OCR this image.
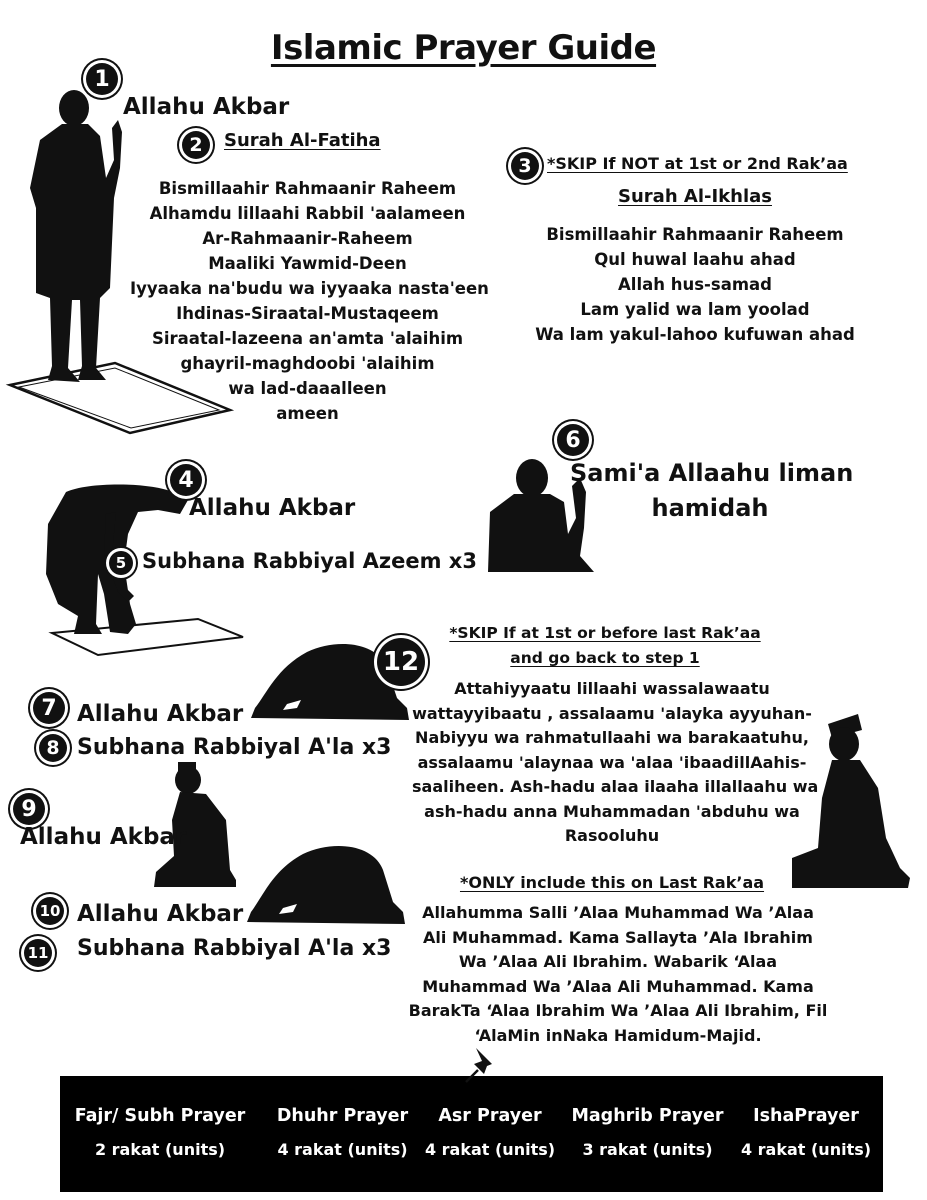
Islamic Prayer Guide
1
Allahu Akbar
2	Surah Al-Fatiha
Bismillaahir Rahmaanir Raheem
Alhamdu lillaahi Rabbil 'aalameen
Ar-Rahmaanir-Raheem
Maaliki Yawmid-Deen
Iyyaaka na'budu wa iyyaaka nasta'een
Ihdinas-Siraatal-Mustaqeem
Siraatal-lazeena an'amta 'alaihim
ghayril-maghdoobi 'alaihim
wa lad-daaalleen
ameen
3 *SKIP If NOT at 1st or 2nd Rak’aa
Surah Al-Ikhlas
Bismillaahir Rahmaanir Raheem
Qul huwal laahu ahad
Allah hus-samad
Lam yalid wa lam yoolad
Wa lam yakul-lahoo kufuwan ahad
4
Allahu Akbar
5 Subhana Rabbiyal Azeem x3
6
Sami'a Allaahu liman
hamidah
12
7 Allahu Akbar
8 Subhana Rabbiyal A'la x3
9
Allahu Akbar
10 Allahu Akbar
11 Subhana Rabbiyal A'la x3
*SKIP If at 1st or before last Rak’aa
and go back to step 1
Attahiyyaatu lillaahi wassalawaatu
wattayyibaatu , assalaamu 'alayka ayyuhan-
Nabiyyu wa rahmatullaahi wa barakaatuhu,
assalaamu 'alaynaa wa 'alaa 'ibaadillAahis-
saaliheen. Ash-hadu alaa ilaaha illallaahu wa
ash-hadu anna Muhammadan 'abduhu wa
Rasooluhu
*ONLY include this on Last Rak’aa
Allahumma Salli ’Alaa Muhammad Wa ’Alaa
Ali Muhammad. Kama Sallayta ’Ala Ibrahim
Wa ’Alaa Ali Ibrahim. Wabarik ‘Alaa
Muhammad Wa ’Alaa Ali Muhammad. Kama
BarakTa ‘Alaa Ibrahim Wa ’Alaa Ali Ibrahim, Fil
‘AlaMin inNaka Hamidum-Majid.
Fajr/ Subh Prayer
2 rakat (units)
Dhuhr Prayer
4 rakat (units)
Asr Prayer
4 rakat (units)
Maghrib Prayer
3 rakat (units)
IshaPrayer
4 rakat (units)
